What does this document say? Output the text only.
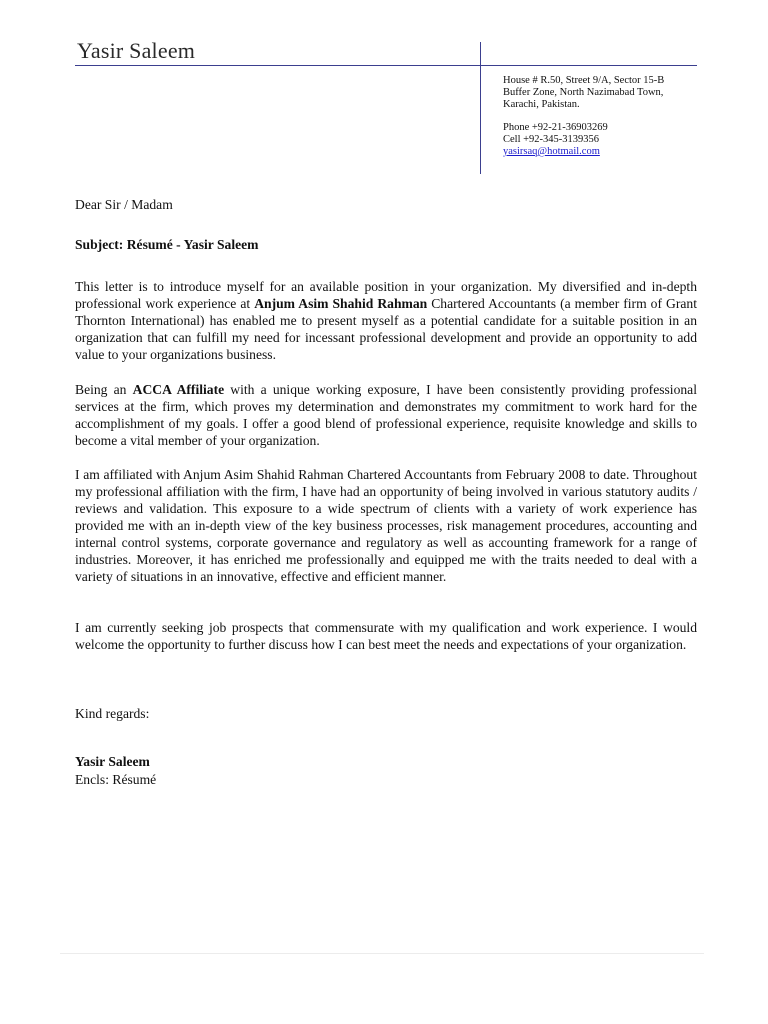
Yasir Saleem
House # R.50, Street 9/A, Sector 15-B
Buffer Zone, North Nazimabad Town,
Karachi, Pakistan.
Phone +92-21-36903269
Cell +92-345-3139356
yasirsaq@hotmail.com
Dear Sir / Madam
Subject: Résumé - Yasir Saleem
This letter is to introduce myself for an available position in your organization. My diversified and in-depth professional work experience at Anjum Asim Shahid Rahman Chartered Accountants (a member firm of Grant Thornton International) has enabled me to present myself as a potential candidate for a suitable position in an organization that can fulfill my need for incessant professional development and provide an opportunity to add value to your organizations business.
Being an ACCA Affiliate with a unique working exposure, I have been consistently providing professional services at the firm, which proves my determination and demonstrates my commitment to work hard for the accomplishment of my goals. I offer a good blend of professional experience, requisite knowledge and skills to become a vital member of your organization.
I am affiliated with Anjum Asim Shahid Rahman Chartered Accountants from February 2008 to date. Throughout my professional affiliation with the firm, I have had an opportunity of being involved in various statutory audits / reviews and validation. This exposure to a wide spectrum of clients with a variety of work experience has provided me with an in-depth view of the key business processes, risk management procedures, accounting and internal control systems, corporate governance and regulatory as well as accounting framework for a range of industries. Moreover, it has enriched me professionally and equipped me with the traits needed to deal with a variety of situations in an innovative, effective and efficient manner.
I am currently seeking job prospects that commensurate with my qualification and work experience. I would welcome the opportunity to further discuss how I can best meet the needs and expectations of your organization.
Kind regards:
Yasir Saleem
Encls: Résumé
